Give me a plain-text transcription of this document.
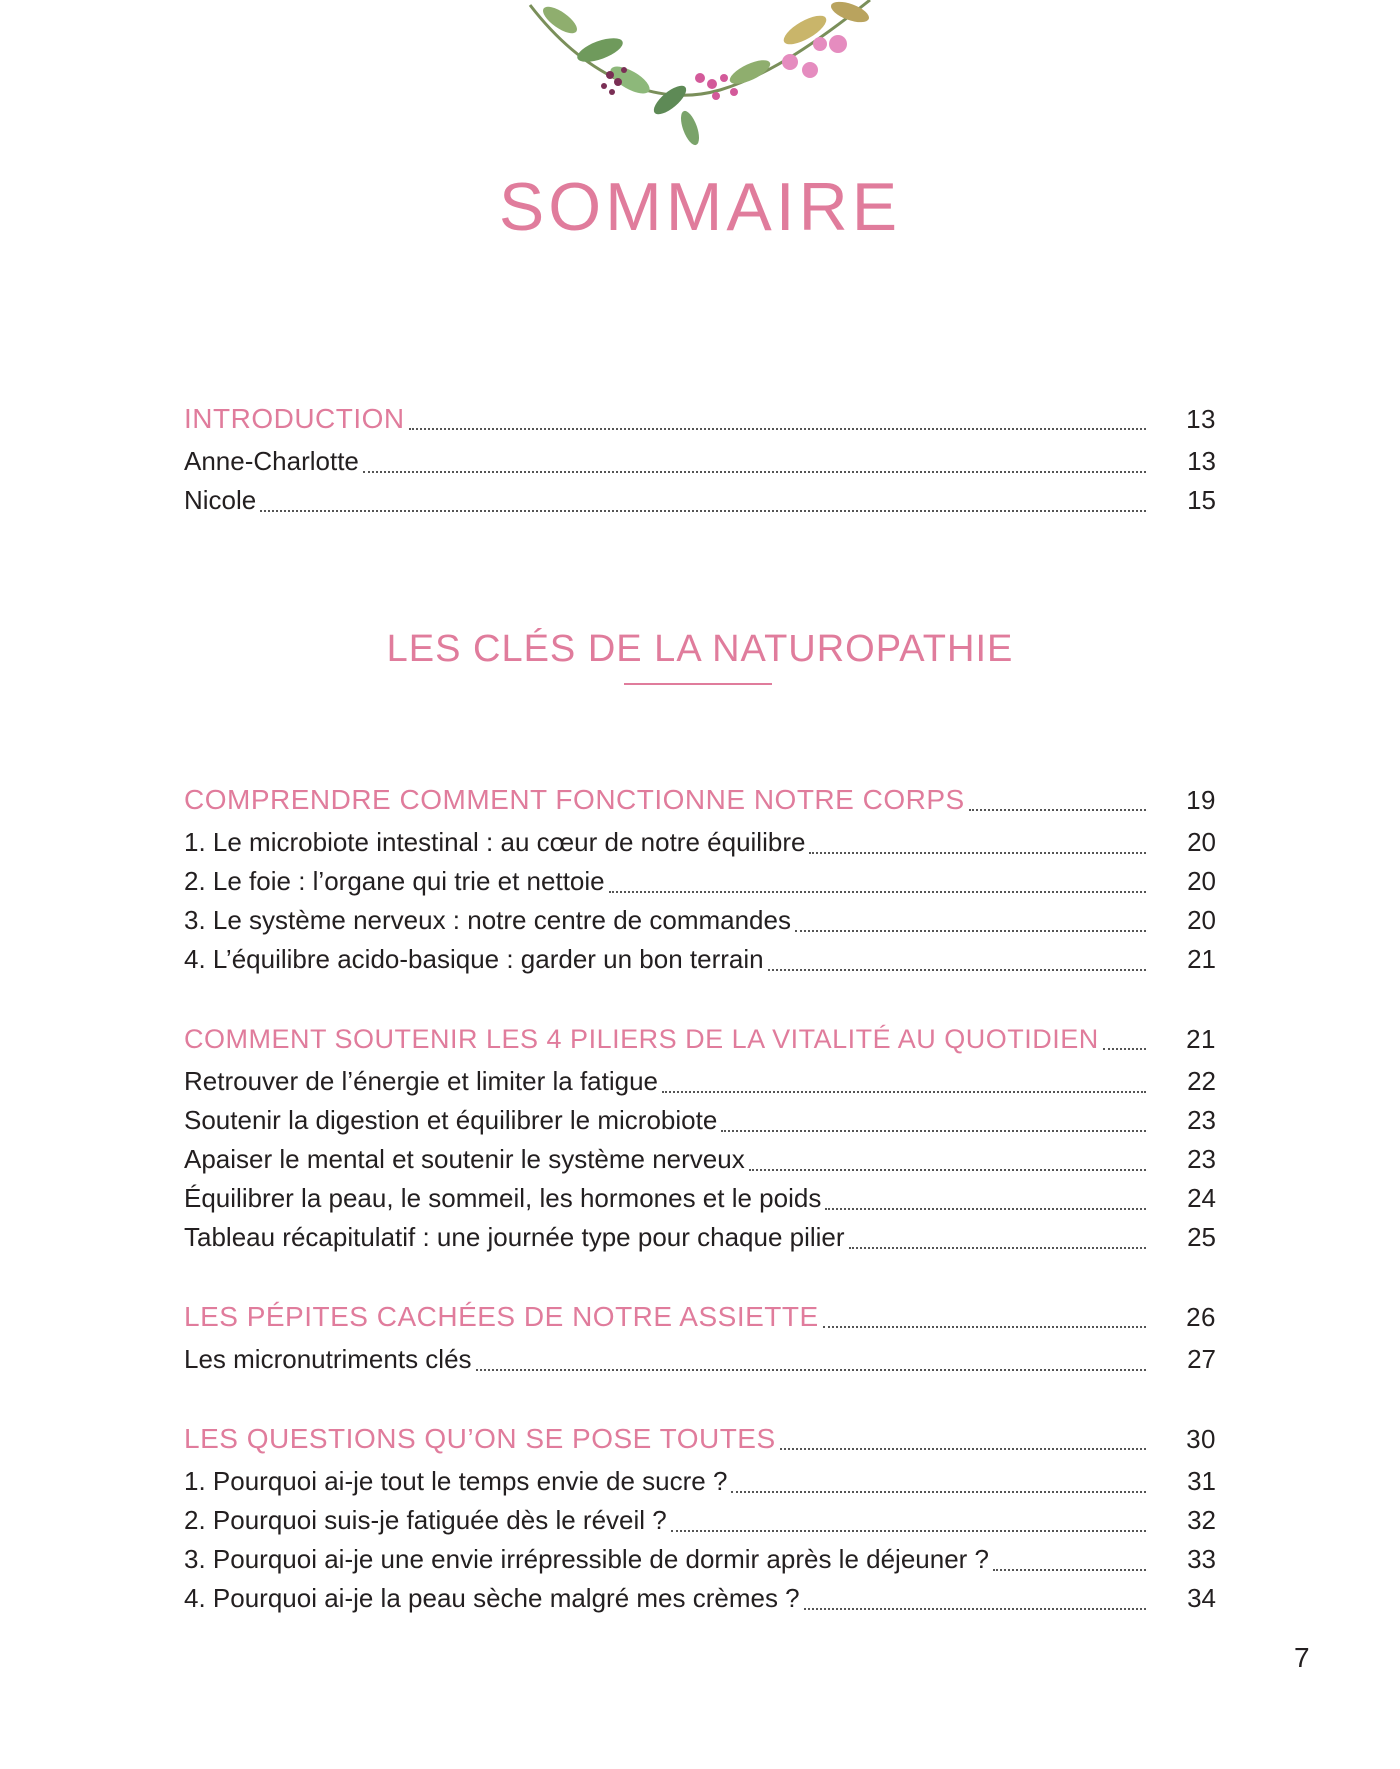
SOMMAIRE
INTRODUCTION	13
Anne-Charlotte	13
Nicole	15
LES CLÉS DE LA NATUROPATHIE
COMPRENDRE COMMENT FONCTIONNE NOTRE CORPS	19
1. Le microbiote intestinal : au cœur de notre équilibre	20
2. Le foie : l’organe qui trie et nettoie	20
3. Le système nerveux : notre centre de commandes	20
4. L’équilibre acido-basique : garder un bon terrain	21
COMMENT SOUTENIR LES 4 PILIERS DE LA VITALITÉ AU QUOTIDIEN	21
Retrouver de l’énergie et limiter la fatigue	22
Soutenir la digestion et équilibrer le microbiote	23
Apaiser le mental et soutenir le système nerveux	23
Équilibrer la peau, le sommeil, les hormones et le poids	24
Tableau récapitulatif : une journée type pour chaque pilier	25
LES PÉPITES CACHÉES DE NOTRE ASSIETTE	26
Les micronutriments clés	27
LES QUESTIONS QU’ON SE POSE TOUTES	30
1. Pourquoi ai-je tout le temps envie de sucre ?	31
2. Pourquoi suis-je fatiguée dès le réveil ?	32
3. Pourquoi ai-je une envie irrépressible de dormir après le déjeuner ?	33
4. Pourquoi ai-je la peau sèche malgré mes crèmes ?	34
7
